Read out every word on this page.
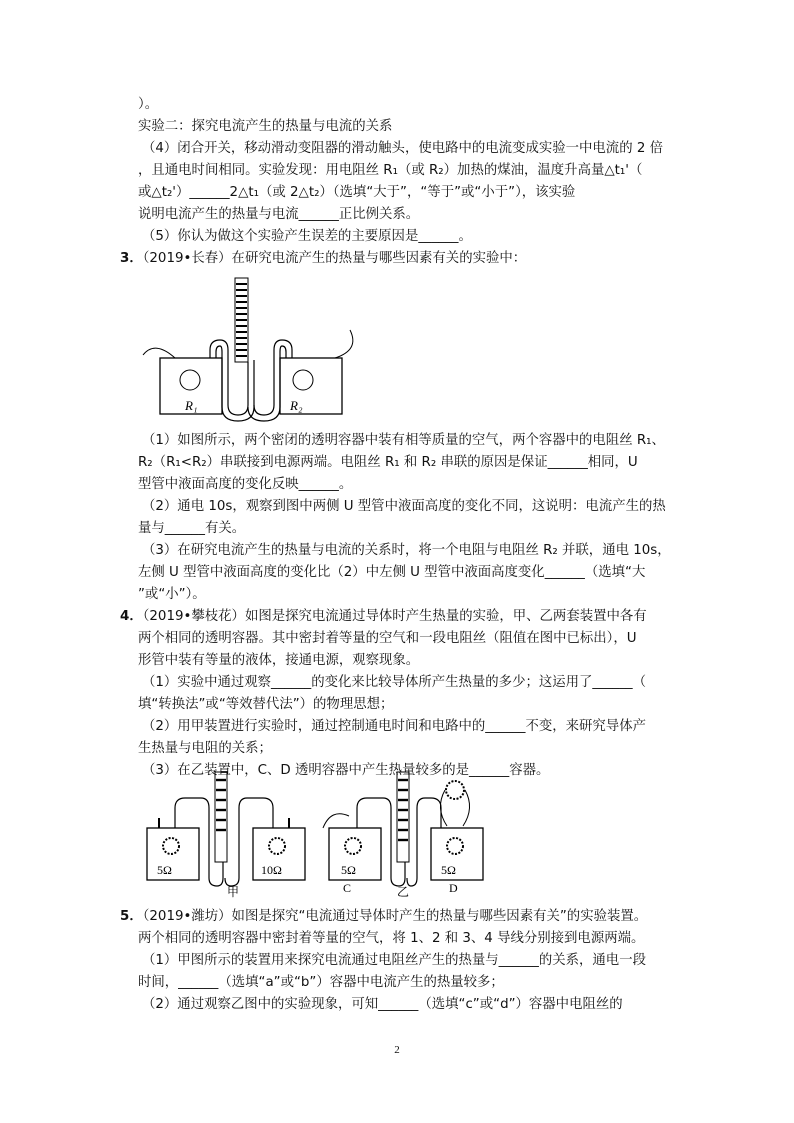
）。
实验二：探究电流产生的热量与电流的关系
（4）闭合开关，移动滑动变阻器的滑动触头，使电路中的电流变成实验一中电流的 2 倍
，且通电时间相同。实验发现：用电阻丝 R₁（或 R₂）加热的煤油，温度升高量△t₁'（
或△t₂'）______2△t₁（或 2△t₂）（选填“大于”，“等于”或“小于”），该实验
说明电流产生的热量与电流______正比例关系。
（5）你认为做这个实验产生误差的主要原因是______。
3．（2019•长春）在研究电流产生的热量与哪些因素有关的实验中：
R₁	R₂
（1）如图所示，两个密闭的透明容器中装有相等质量的空气，两个容器中的电阻丝 R₁、
R₂（R₁<R₂）串联接到电源两端。电阻丝 R₁ 和 R₂ 串联的原因是保证______相同，U
型管中液面高度的变化反映______。
（2）通电 10s，观察到图中两侧 U 型管中液面高度的变化不同，这说明：电流产生的热
量与______有关。
（3）在研究电流产生的热量与电流的关系时，将一个电阻与电阻丝 R₂ 并联，通电 10s，
左侧 U 型管中液面高度的变化比（2）中左侧 U 型管中液面高度变化______（选填“大
”或“小”）。
4．（2019•攀枝花）如图是探究电流通过导体时产生热量的实验，甲、乙两套装置中各有
两个相同的透明容器。其中密封着等量的空气和一段电阻丝（阻值在图中已标出），U
形管中装有等量的液体，接通电源，观察现象。
（1）实验中通过观察______的变化来比较导体所产生热量的多少；这运用了______（
填“转换法”或“等效替代法”）的物理思想；
（2）用甲装置进行实验时，通过控制通电时间和电路中的______不变，来研究导体产
生热量与电阻的关系；
（3）在乙装置中，C、D 透明容器中产生热量较多的是______容器。
5Ω	10Ω
甲
5Ω	5Ω
C	D
乙
5．（2019•潍坊）如图是探究“电流通过导体时产生的热量与哪些因素有关”的实验装置。
两个相同的透明容器中密封着等量的空气，将 1、2 和 3、4 导线分别接到电源两端。
（1）甲图所示的装置用来探究电流通过电阻丝产生的热量与______的关系，通电一段
时间，______（选填“a”或“b”）容器中电流产生的热量较多；
（2）通过观察乙图中的实验现象，可知______（选填“c”或“d”）容器中电阻丝的
2
